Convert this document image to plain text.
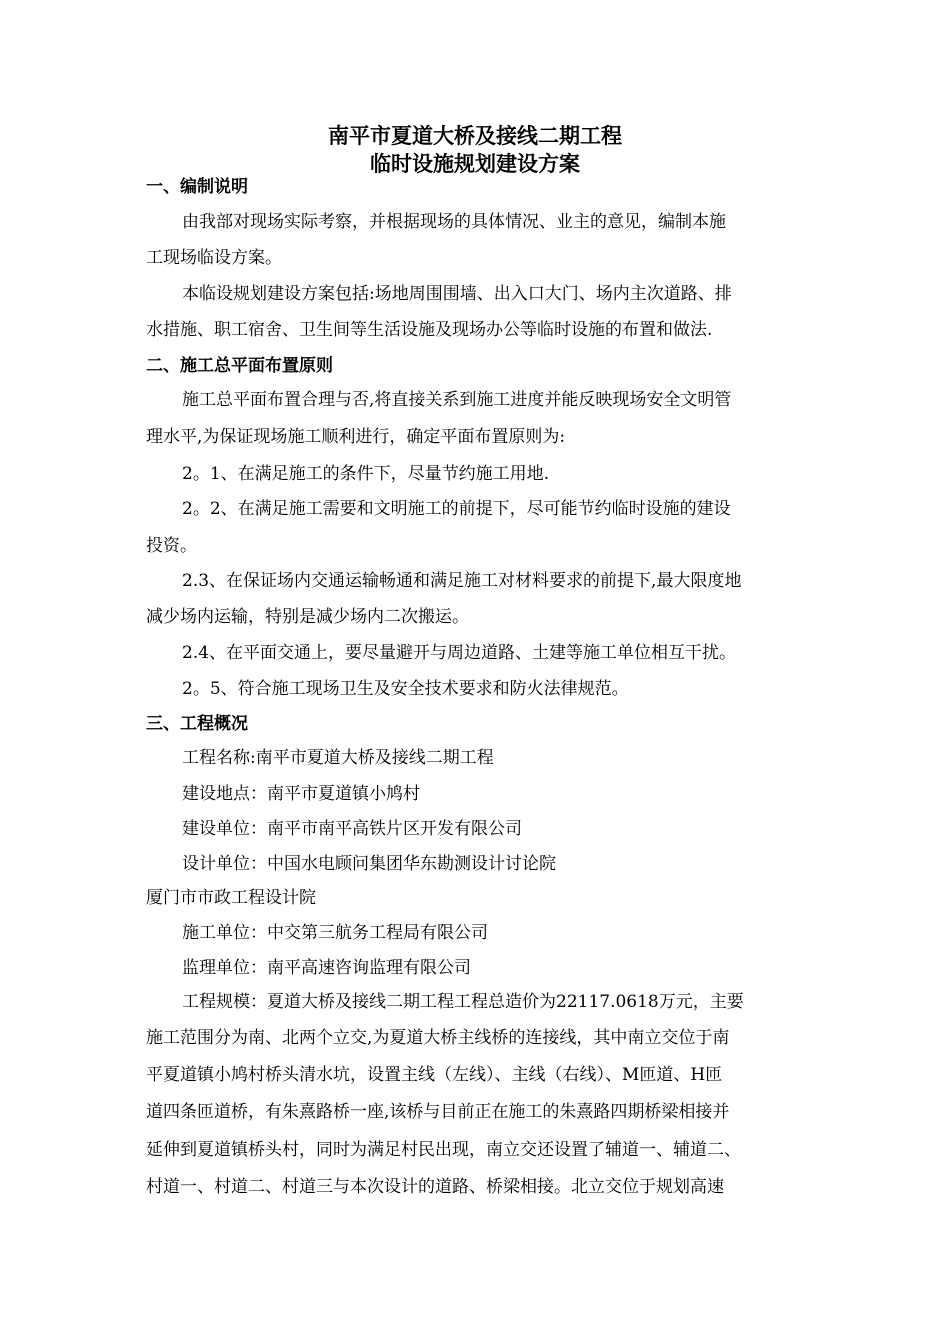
南平市夏道大桥及接线二期工程
临时设施规划建设方案
一、编制说明
由我部对现场实际考察，并根据现场的具体情况、业主的意见，编制本施
工现场临设方案。
本临设规划建设方案包括:场地周围围墙、出入口大门、场内主次道路、排
水措施、职工宿舍、卫生间等生活设施及现场办公等临时设施的布置和做法.
二、施工总平面布置原则
施工总平面布置合理与否,将直接关系到施工进度并能反映现场安全文明管
理水平,为保证现场施工顺利进行，确定平面布置原则为:
2。1、在满足施工的条件下，尽量节约施工用地.
2。2、在满足施工需要和文明施工的前提下，尽可能节约临时设施的建设
投资。
2.3、在保证场内交通运输畅通和满足施工对材料要求的前提下,最大限度地
减少场内运输，特别是减少场内二次搬运。
2.4、在平面交通上，要尽量避开与周边道路、土建等施工单位相互干扰。
2。5、符合施工现场卫生及安全技术要求和防火法律规范。
三、工程概况
工程名称:南平市夏道大桥及接线二期工程
建设地点：南平市夏道镇小鸠村
建设单位：南平市南平高铁片区开发有限公司
设计单位：中国水电顾问集团华东勘测设计讨论院
厦门市市政工程设计院
施工单位：中交第三航务工程局有限公司
监理单位：南平高速咨询监理有限公司
工程规模：夏道大桥及接线二期工程工程总造价为22117.0618万元，主要
施工范围分为南、北两个立交,为夏道大桥主线桥的连接线，其中南立交位于南
平夏道镇小鸠村桥头清水坑，设置主线（左线）、主线（右线）、M匝道、H匝
道四条匝道桥，有朱熹路桥一座,该桥与目前正在施工的朱熹路四期桥梁相接并
延伸到夏道镇桥头村，同时为满足村民出现，南立交还设置了辅道一、辅道二、
村道一、村道二、村道三与本次设计的道路、桥梁相接。北立交位于规划高速
